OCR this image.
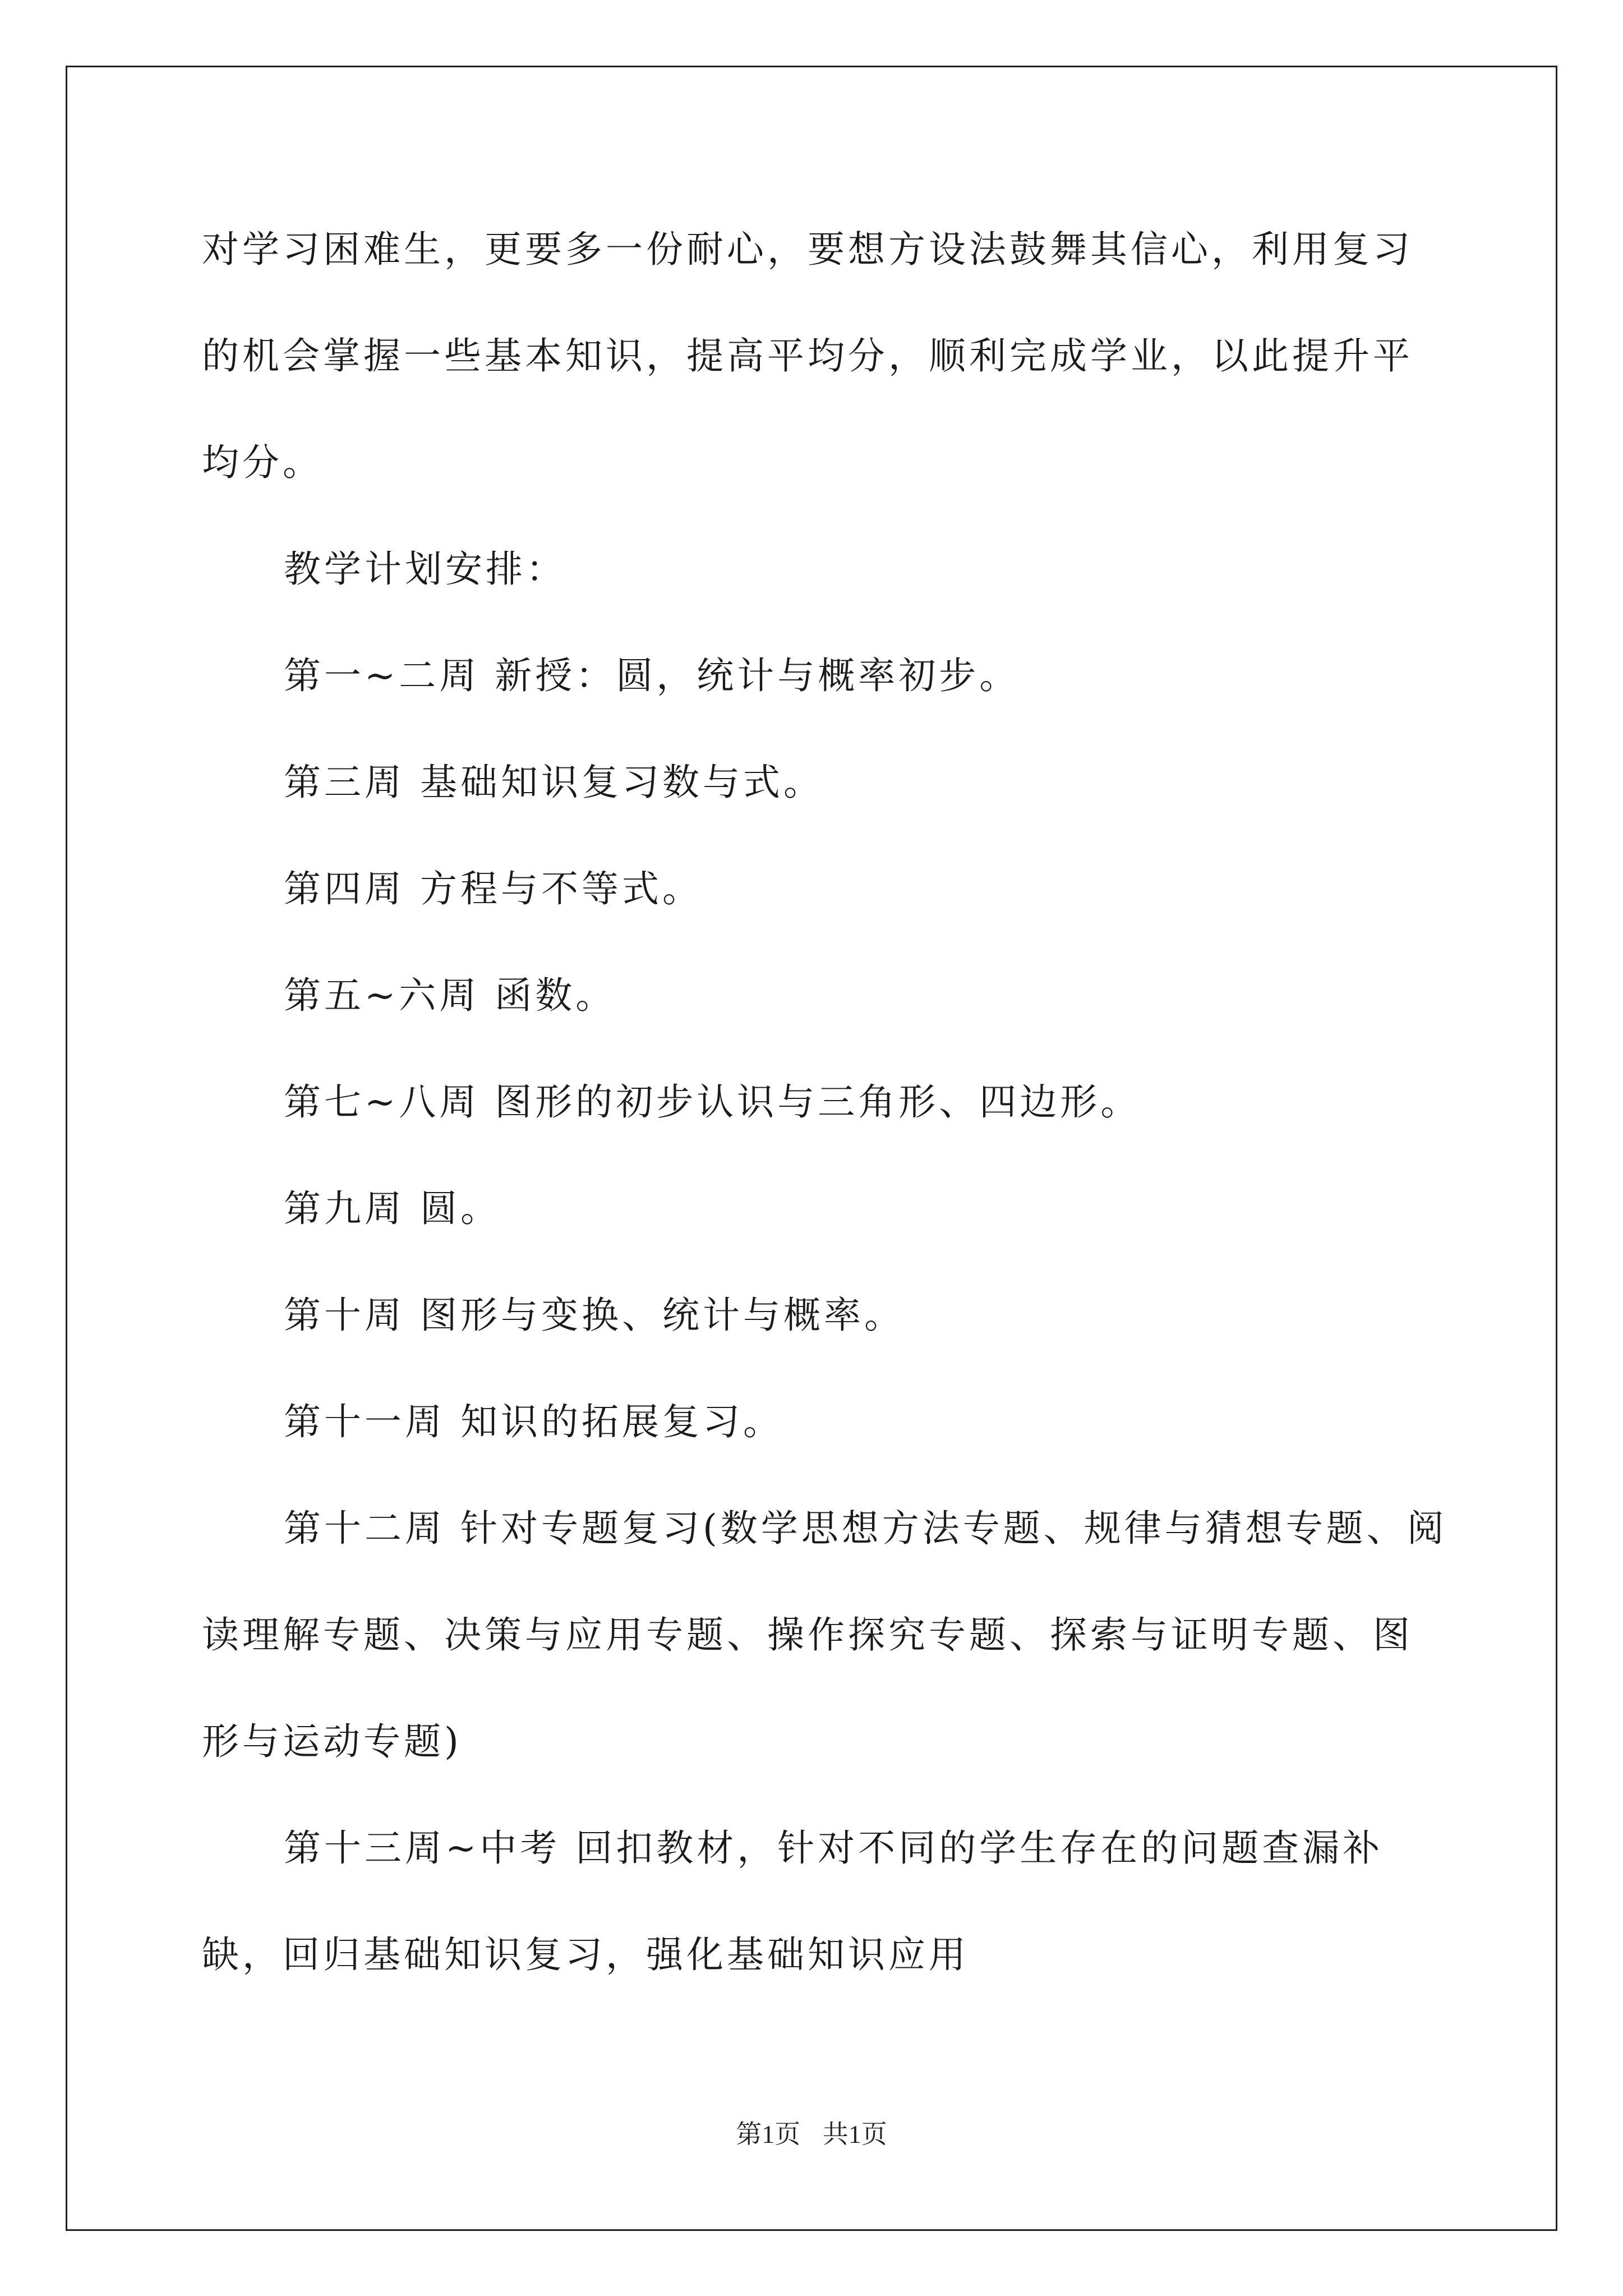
对学习困难生，更要多一份耐心，要想方设法鼓舞其信心，利用复习的机会掌握一些基本知识，提高平均分，顺利完成学业，以此提升平均分。

教学计划安排：

第一~二周 新授：圆，统计与概率初步。

第三周 基础知识复习数与式。

第四周 方程与不等式。

第五~六周 函数。

第七~八周 图形的初步认识与三角形、四边形。

第九周 圆。

第十周 图形与变换、统计与概率。

第十一周 知识的拓展复习。

第十二周 针对专题复习(数学思想方法专题、规律与猜想专题、阅读理解专题、决策与应用专题、操作探究专题、探索与证明专题、图形与运动专题)

第十三周~中考 回扣教材，针对不同的学生存在的问题查漏补缺，回归基础知识复习，强化基础知识应用

第1页 共1页
